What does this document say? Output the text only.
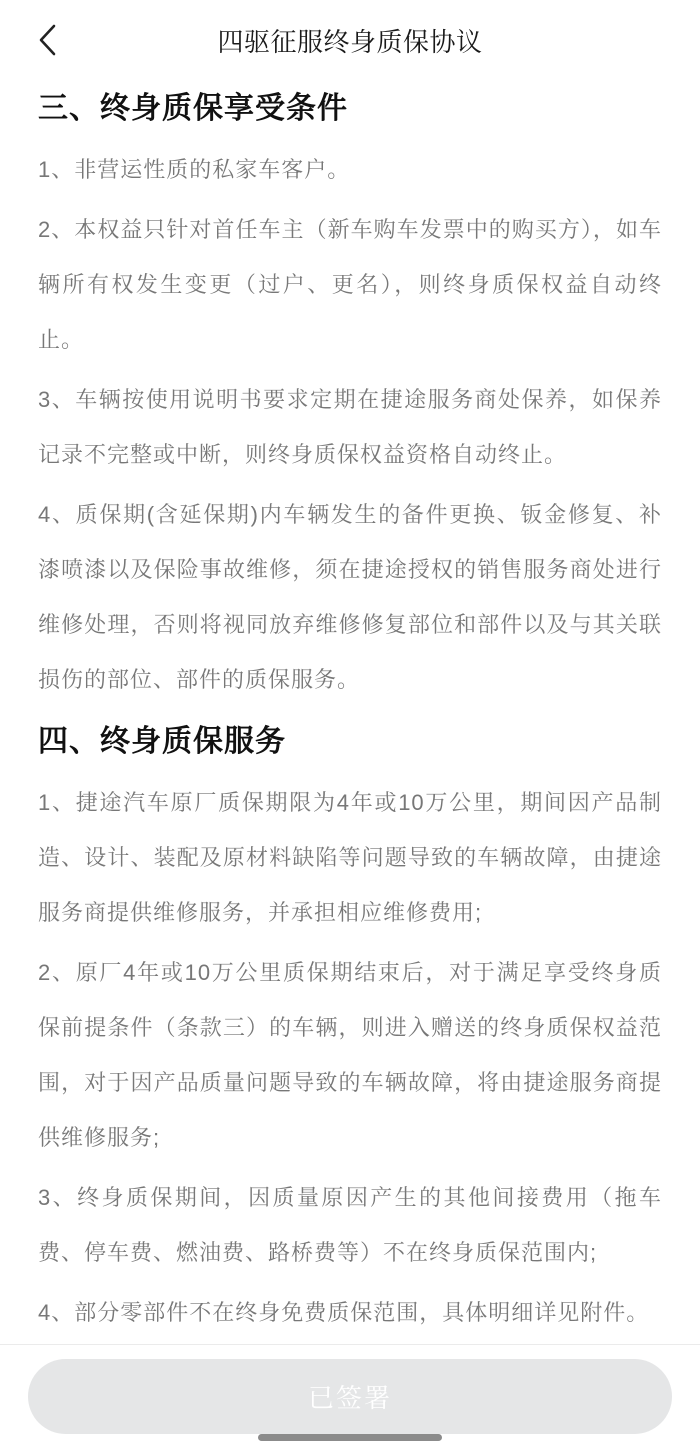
四驱征服终身质保协议
三、终身质保享受条件

1、非营运性质的私家车客户。

2、本权益只针对首任车主（新车购车发票中的购买方），如车辆所有权发生变更（过户、更名），则终身质保权益自动终止。

3、车辆按使用说明书要求定期在捷途服务商处保养，如保养记录不完整或中断，则终身质保权益资格自动终止。

4、质保期(含延保期)内车辆发生的备件更换、钣金修复、补漆喷漆以及保险事故维修，须在捷途授权的销售服务商处进行维修处理，否则将视同放弃维修修复部位和部件以及与其关联损伤的部位、部件的质保服务。

四、终身质保服务

1、捷途汽车原厂质保期限为4年或10万公里，期间因产品制造、设计、装配及原材料缺陷等问题导致的车辆故障，由捷途服务商提供维修服务，并承担相应维修费用;

2、原厂4年或10万公里质保期结束后，对于满足享受终身质保前提条件（条款三）的车辆，则进入赠送的终身质保权益范围，对于因产品质量问题导致的车辆故障，将由捷途服务商提供维修服务;

3、终身质保期间，因质量原因产生的其他间接费用（拖车费、停车费、燃油费、路桥费等）不在终身质保范围内;

4、部分零部件不在终身免费质保范围，具体明细详见附件。

已签署
